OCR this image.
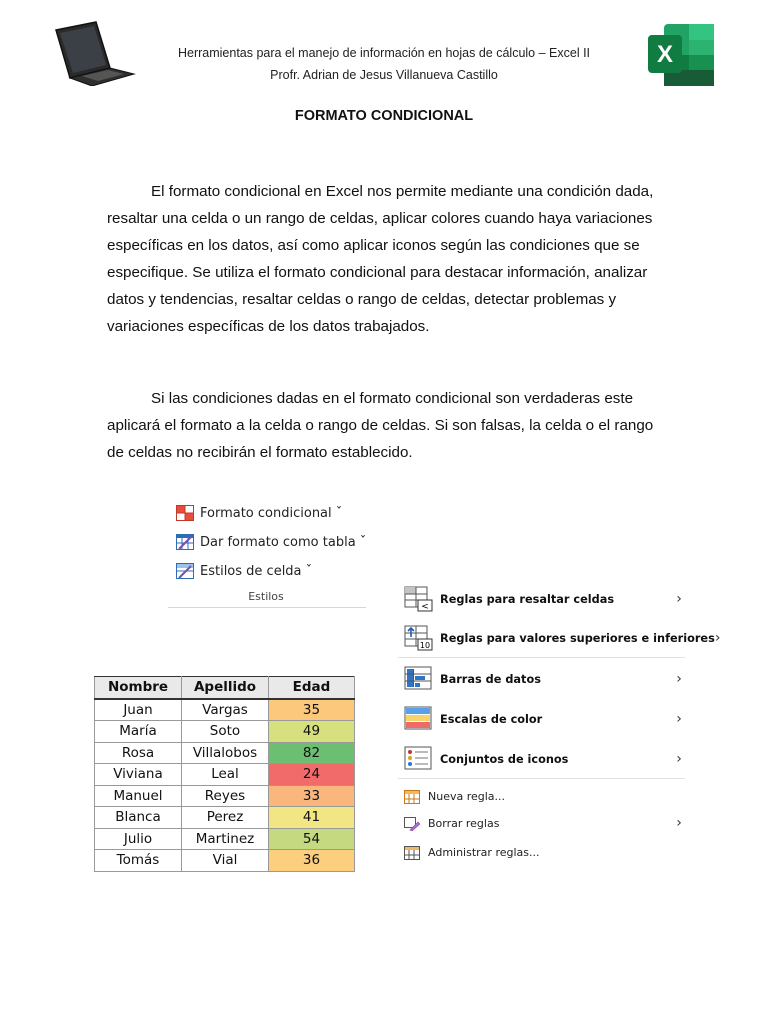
Herramientas para el manejo de información en hojas de cálculo – Excel II
Profr. Adrian de Jesus Villanueva Castillo
X
FORMATO CONDICIONAL

El formato condicional en Excel nos permite mediante una condición dada, resaltar una celda o un rango de celdas, aplicar colores cuando haya variaciones específicas en los datos, así como aplicar iconos según las condiciones que se especifique. Se utiliza el formato condicional para destacar información, analizar datos y tendencias, resaltar celdas o rango de celdas, detectar problemas y variaciones específicas de los datos trabajados.

Si las condiciones dadas en el formato condicional son verdaderas este aplicará el formato a la celda o rango de celdas. Si son falsas, la celda o el rango de celdas no recibirán el formato establecido.

Formato condicional ˇ
Dar formato como tabla ˇ
Estilos de celda ˇ
Estilos
<
Reglas para resaltar celdas	›
10
Reglas para valores superiores e inferiores ›
Barras de datos	›
Escalas de color	›
Conjuntos de iconos	›
Nueva regla...
Borrar reglas	›
Administrar reglas...
Nombre	Apellido	Edad
Juan	Vargas	35
María	Soto	49
Rosa	Villalobos	82
Viviana	Leal	24
Manuel	Reyes	33
Blanca	Perez	41
Julio	Martinez	54
Tomás	Vial	36
